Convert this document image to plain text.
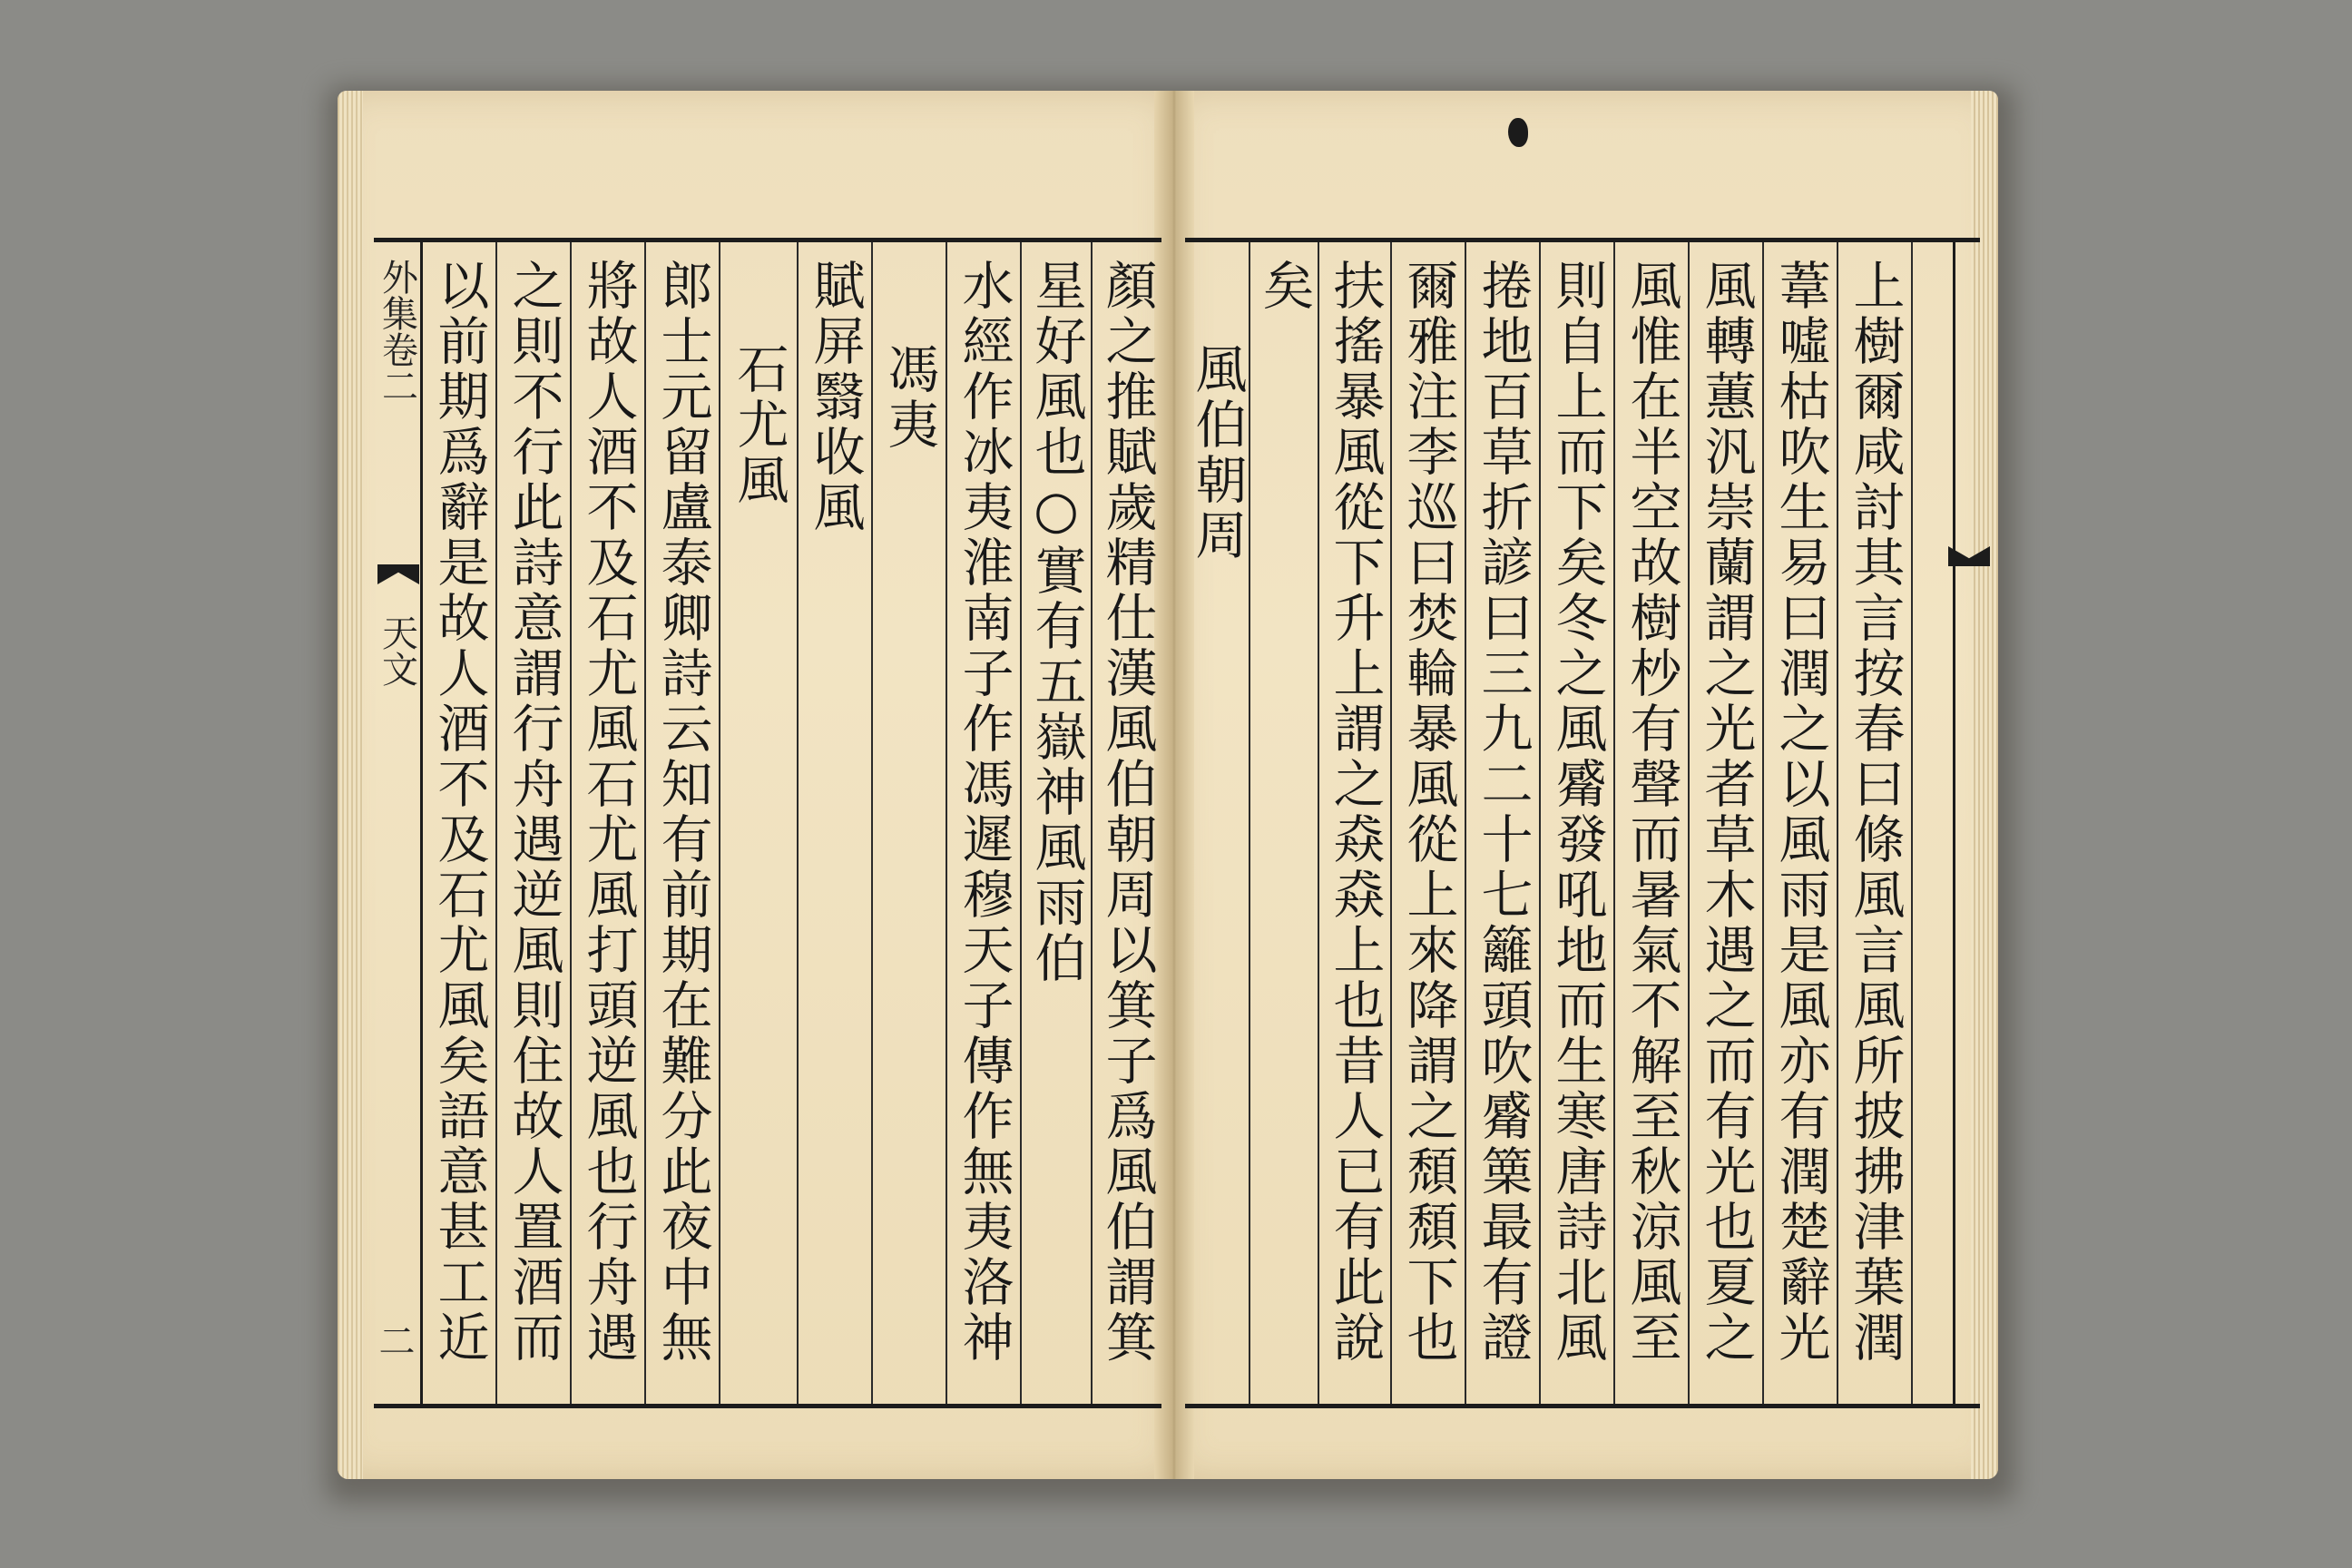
外集卷二
天文
二 以前期爲辭是故人酒不及石尤風矣語意甚工近 之則不行此詩意謂行舟遇逆風則住故人置酒而 將故人酒不及石尤風石尤風打頭逆風也行舟遇 郎士元留盧泰卿詩云知有前期在難分此夜中無 石尤風 賦屏翳收風 馮夷 水經作冰夷淮南子作馮遲穆天子傳作無夷洛神 星好風也○實有五嶽神風雨伯 顏之推賦歲精仕漢風伯朝周以箕子爲風伯謂箕 風伯朝周
矣 扶搖暴風從下升上謂之猋猋上也昔人已有此說 爾雅注李巡曰焚輪暴風從上來降謂之頹頹下也 捲地百草折諺曰三九二十七籬頭吹觱篥最有證 則自上而下矣冬之風觱發吼地而生寒唐詩北風 風惟在半空故樹杪有聲而暑氣不解至秋涼風至 風轉蕙汎崇蘭謂之光者草木遇之而有光也夏之 葦噓枯吹生易曰潤之以風雨是風亦有潤楚辭光 上樹爾咸討其言按春曰條風言風所披拂津葉潤
